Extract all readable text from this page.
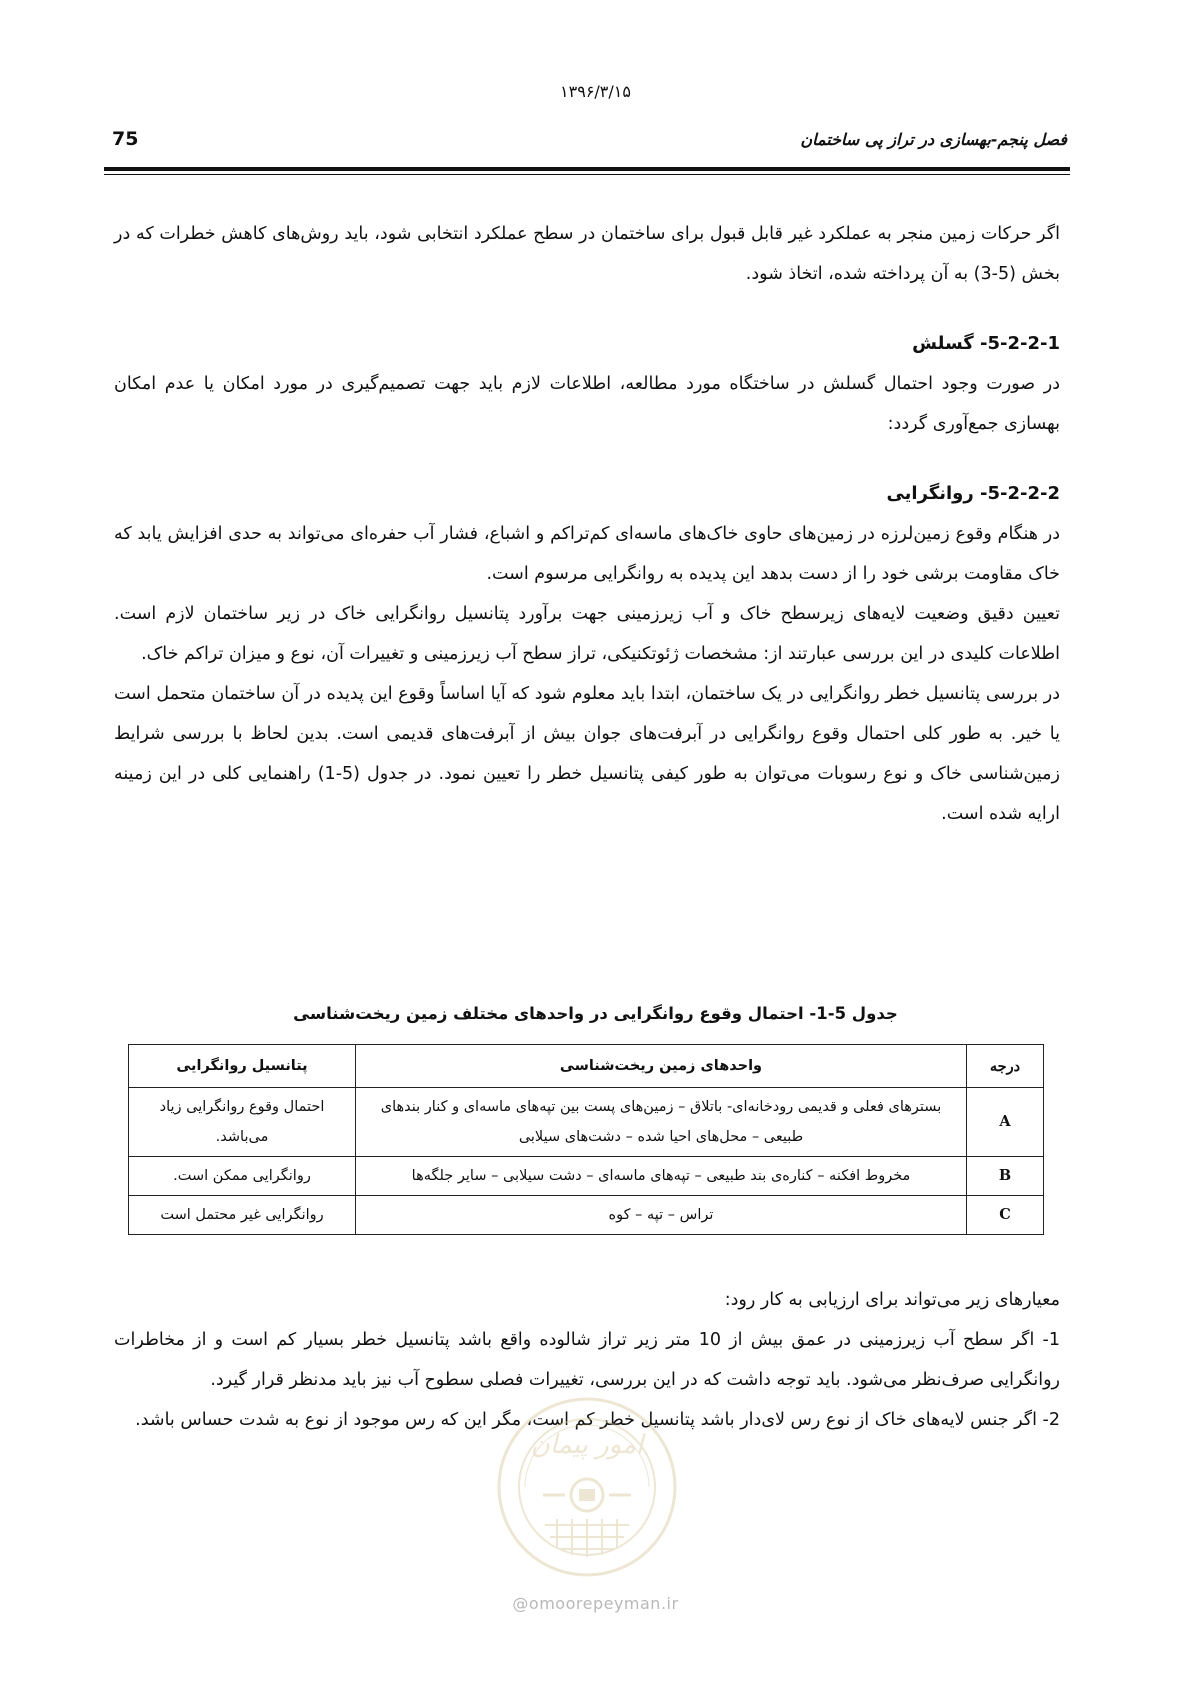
۱۳۹۶/۳/۱۵
75	فصل پنجم-بهسازی در تراز پی ساختمان

اگر حرکات زمین منجر به عملکرد غیر قابل قبول برای ساختمان در سطح عملکرد انتخابی شود، باید روش‌های کاهش خطرات که در بخش (5-3) به آن پرداخته شده، اتخاذ شود.

5-2-2-1- گسلش

در صورت وجود احتمال گسلش در ساختگاه مورد مطالعه، اطلاعات لازم باید جهت تصمیم‌گیری در مورد امکان یا عدم امکان بهسازی جمع‌آوری گردد:

5-2-2-2- روانگرایی

در هنگام وقوع زمین‌لرزه در زمین‌های حاوی خاک‌های ماسه‌ای کم‌تراکم و اشباع، فشار آب حفره‌ای می‌تواند به حدی افزایش یابد که خاک مقاومت برشی خود را از دست بدهد این پدیده به روانگرایی مرسوم است.

تعیین دقیق وضعیت لایه‌های زیرسطح خاک و آب زیرزمینی جهت برآورد پتانسیل روانگرایی خاک در زیر ساختمان لازم است. اطلاعات کلیدی در این بررسی عبارتند از: مشخصات ژئوتکنیکی، تراز سطح آب زیرزمینی و تغییرات آن، نوع و میزان تراکم خاک.

در بررسی پتانسیل خطر روانگرایی در یک ساختمان، ابتدا باید معلوم شود که آیا اساساً وقوع این پدیده در آن ساختمان متحمل است یا خیر. به طور کلی احتمال وقوع روانگرایی در آبرفت‌های جوان بیش از آبرفت‌های قدیمی است. بدین لحاظ با بررسی شرایط زمین‌شناسی خاک و نوع رسوبات می‌توان به طور کیفی پتانسیل خطر را تعیین نمود. در جدول (5-1) راهنمایی کلی در این زمینه ارایه شده است.

جدول 5-1- احتمال وقوع روانگرایی در واحدهای مختلف زمین ریخت‌شناسی
درجه	واحدهای زمین ریخت‌شناسی	پتانسیل روانگرایی
A	بسترهای فعلی و قدیمی رودخانه‌ای- باتلاق – زمین‌های پست بین تپه‌های ماسه‌ای و کنار بندهای طبیعی – محل‌های احیا شده – دشت‌های سیلابی	احتمال وقوع روانگرایی زیاد می‌باشد.
B	مخروط افکنه – کناره‌ی بند طبیعی – تپه‌های ماسه‌ای – دشت سیلابی – سایر جلگه‌ها	روانگرایی ممکن است.
C	تراس – تپه – کوه	روانگرایی غیر محتمل است

معیارهای زیر می‌تواند برای ارزیابی به کار رود:

1- اگر سطح آب زیرزمینی در عمق بیش از 10 متر زیر تراز شالوده واقع باشد پتانسیل خطر بسیار کم است و از مخاطرات روانگرایی صرف‌نظر می‌شود. باید توجه داشت که در این بررسی، تغییرات فصلی سطوح آب نیز باید مدنظر قرار گیرد.

2- اگر جنس لایه‌های خاک از نوع رس لای‌دار باشد پتانسیل خطر کم است، مگر این که رس موجود از نوع به شدت حساس باشد.

امور پیمان
@omoorepeyman.ir
